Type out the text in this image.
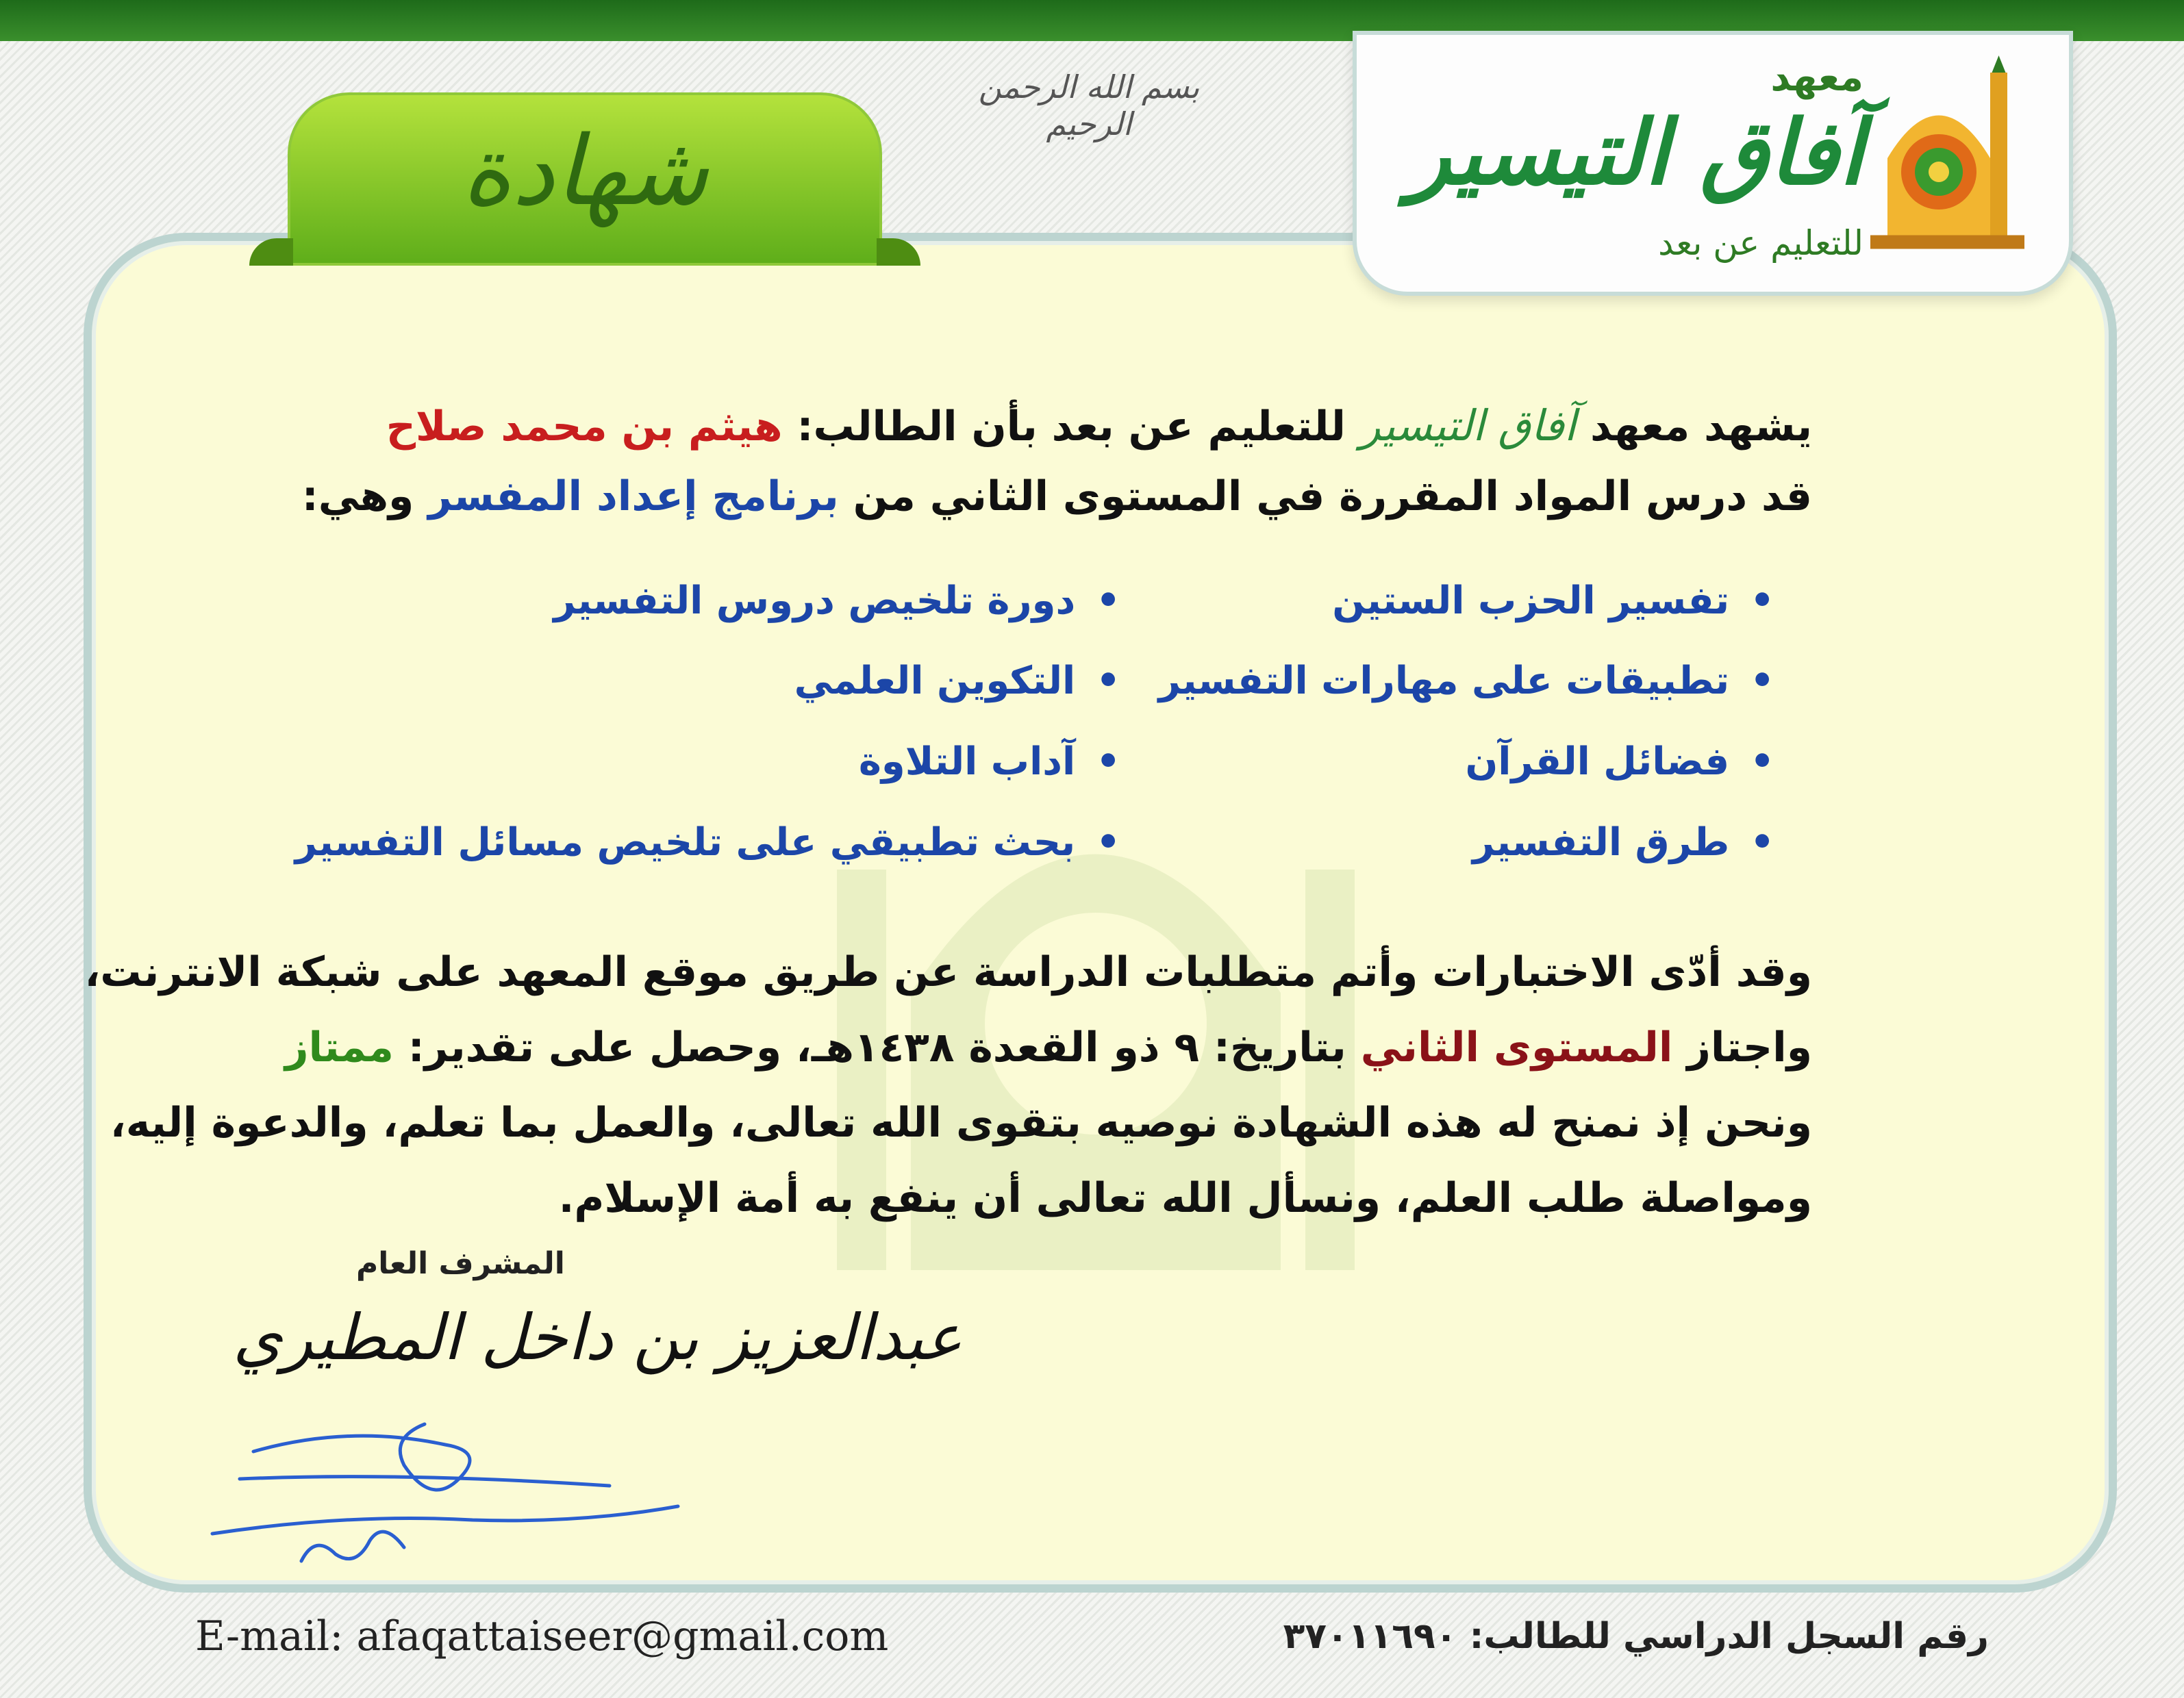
شهادة
بسم الله الرحمن الرحيم
معهد
آفاق التيسير
للتعليم عن بعد
يشهد معهد آفاق التيسير للتعليم عن بعد بأن الطالب: هيثم بن محمد صلاح
قد درس المواد المقررة في المستوى الثاني من برنامج إعداد المفسر وهي:
•تفسير الحزب الستين
•تطبيقات على مهارات التفسير
•فضائل القرآن
•طرق التفسير
•دورة تلخيص دروس التفسير
•التكوين العلمي
•آداب التلاوة
•بحث تطبيقي على تلخيص مسائل التفسير
وقد أدّى الاختبارات وأتم متطلبات الدراسة عن طريق موقع المعهد على شبكة الانترنت،
واجتاز المستوى الثاني بتاريخ: ٩ ذو القعدة ١٤٣٨هـ، وحصل على تقدير: ممتاز
ونحن إذ نمنح له هذه الشهادة نوصيه بتقوى الله تعالى، والعمل بما تعلم، والدعوة إليه،
ومواصلة طلب العلم، ونسأل الله تعالى أن ينفع به أمة الإسلام.
المشرف العام
عبدالعزيز بن داخل المطيري
E-mail: afaqattaiseer@gmail.com	رقم السجل الدراسي للطالب: ٣٧٠١١٦٩٠
